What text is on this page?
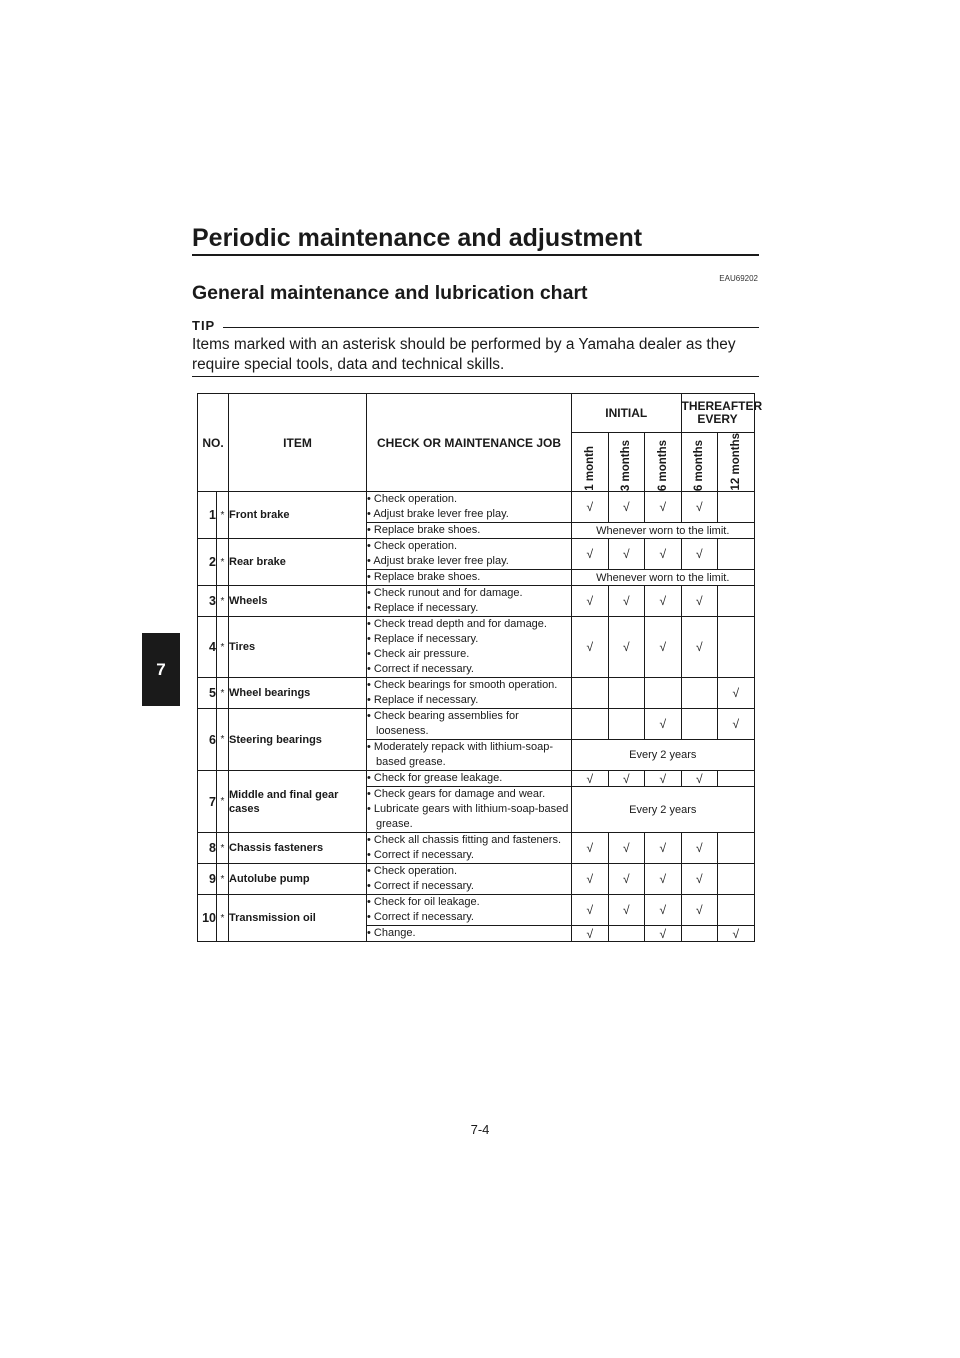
Periodic maintenance and adjustment
7
EAU69202
General maintenance and lubrication chart
TIP
Items marked with an asterisk should be performed by a Yamaha dealer as they require special tools, data and technical skills.
NO.		ITEM	CHECK OR MAINTENANCE JOB	INITIAL			THEREAFTER EVERY	

				1 month	3 months	6 months	6 months	12 months

1	*	Front brake	• Check operation.
• Adjust brake lever free play.	√	√	√	√	

			• Replace brake shoes.	Whenever worn to the limit.				
2	*	Rear brake	• Check operation.
• Adjust brake lever free play.	√	√	√	√	

			• Replace brake shoes.	Whenever worn to the limit.				
3	*	Wheels	• Check runout and for damage.
• Replace if necessary.	√	√	√	√	
4	*	Tires	• Check tread depth and for damage.
• Replace if necessary.
• Check air pressure.
• Correct if necessary.	√	√	√	√	
5	*	Wheel bearings	• Check bearings for smooth operation.
• Replace if necessary.					√
6	*	Steering bearings	• Check bearing assemblies for looseness.			√		√

			• Moderately repack with lithium-soap-based grease.	Every 2 years				
7	*	Middle and final gear cases	• Check for grease leakage.	√	√	√	√	

			• Check gears for damage and wear.
• Lubricate gears with lithium-soap-based grease.	Every 2 years				
8	*	Chassis fasteners	• Check all chassis fitting and fasteners.
• Correct if necessary.	√	√	√	√	
9	*	Autolube pump	• Check operation.
• Correct if necessary.	√	√	√	√	
10	*	Transmission oil	• Check for oil leakage.
• Correct if necessary.	√	√	√	√	

			• Change.	√		√		√
7-4
